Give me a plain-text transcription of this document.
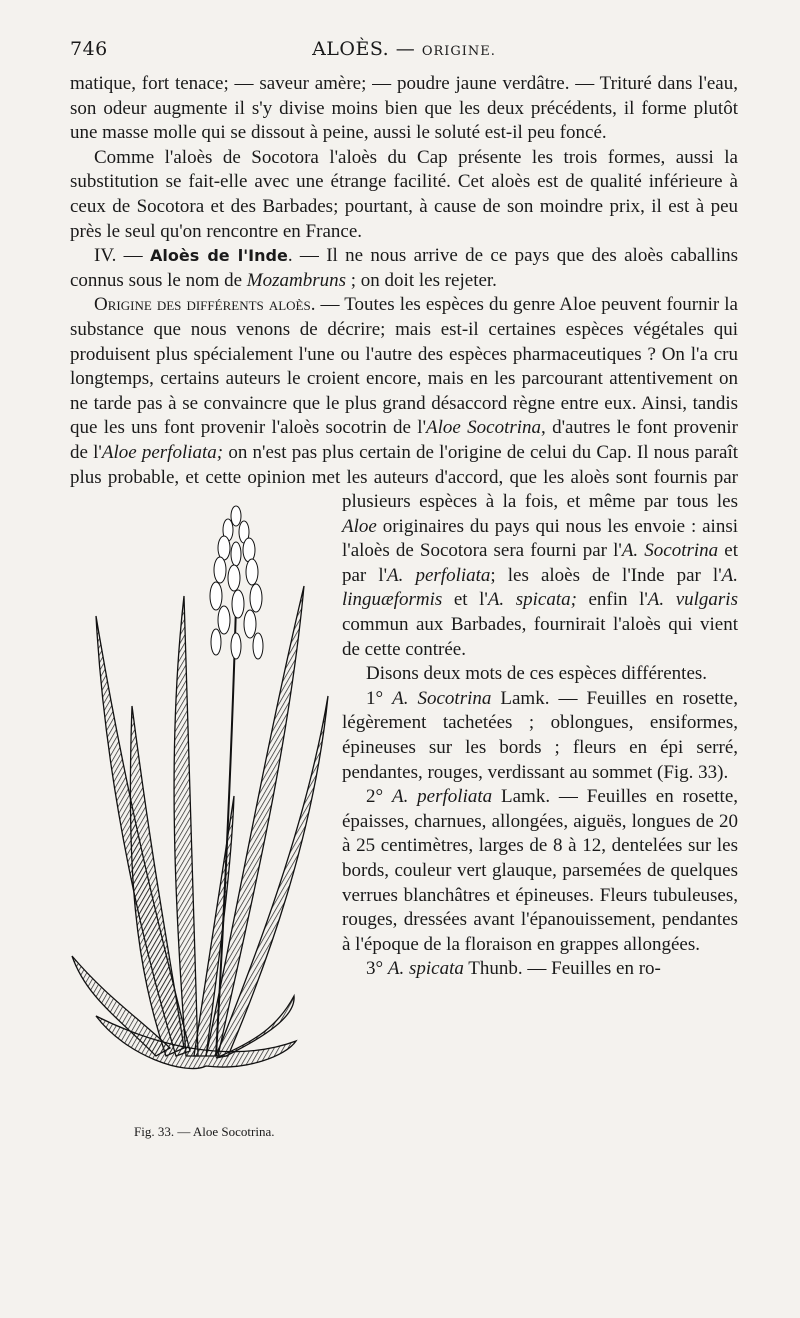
746	ALOÈS. — ORIGINE.

matique, fort tenace; — saveur amère; — poudre jaune verdâtre. — Trituré dans l'eau, son odeur augmente il s'y divise moins bien que les deux précédents, il forme plutôt une masse molle qui se dissout à peine, aussi le soluté est-il peu foncé.

Comme l'aloès de Socotora l'aloès du Cap présente les trois formes, aussi la substitution se fait-elle avec une étrange facilité. Cet aloès est de qualité inférieure à ceux de Socotora et des Barbades; pourtant, à cause de son moindre prix, il est à peu près le seul qu'on rencontre en France.

IV. — Aloès de l'Inde. — Il ne nous arrive de ce pays que des aloès caballins connus sous le nom de Mozambruns ; on doit les rejeter.

Origine des différents aloès. — Toutes les espèces du genre Aloe peuvent fournir la substance que nous venons de décrire; mais est-il certaines espèces végétales qui produisent plus spécialement l'une ou l'autre des espèces pharmaceutiques ? On l'a cru longtemps, certains auteurs le croient encore, mais en les parcourant attentivement on ne tarde pas à se convaincre que le plus grand désaccord règne entre eux. Ainsi, tandis que les uns font provenir l'aloès socotrin de l'Aloe Socotrina, d'autres le font provenir de l'Aloe perfoliata; on n'est pas plus certain de l'origine de celui du Cap. Il nous paraît plus probable, et cette opinion met les auteurs d'accord, que les aloès sont fournis par plusieurs espèces à la fois, et même par tous les
Fig. 33. — Aloe Socotrina.
Aloe originaires du pays qui nous les envoie : ainsi l'aloès de Socotora sera fourni par l'A. Socotrina et par l'A. perfoliata; les aloès de l'Inde par l'A. linguæformis et l'A. spicata; enfin l'A. vulgaris commun aux Barbades, fournirait l'aloès qui vient de cette contrée.

Disons deux mots de ces espèces différentes.

1° A. Socotrina Lamk. — Feuilles en rosette, légèrement tachetées ; oblongues, ensiformes, épineuses sur les bords ; fleurs en épi serré, pendantes, rouges, verdissant au sommet (Fig. 33).

2° A. perfoliata Lamk. — Feuilles en rosette, épaisses, charnues, allongées, aiguës, longues de 20 à 25 centimètres, larges de 8 à 12, dentelées sur les bords, couleur vert glauque, parsemées de quelques verrues blanchâtres et épineuses. Fleurs tubuleuses, rouges, dressées avant l'épanouissement, pendantes à l'époque de la floraison en grappes allongées.

3° A. spicata Thunb. — Feuilles en ro-
